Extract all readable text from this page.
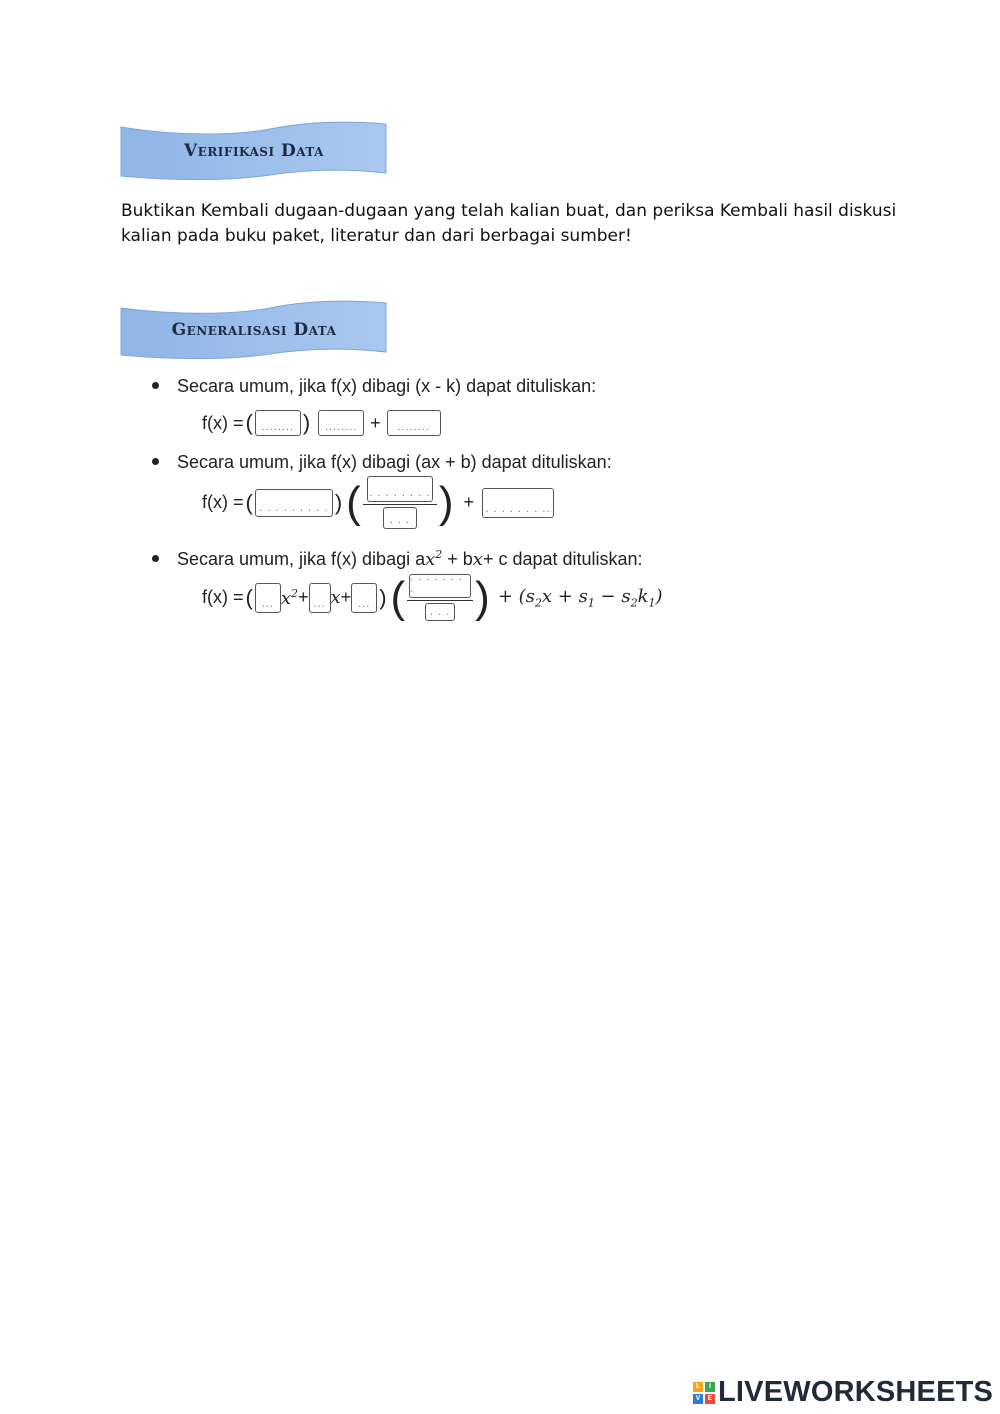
Verifikasi Data
Buktikan Kembali dugaan-dugaan yang telah kalian buat, dan periksa Kembali hasil diskusi kalian pada buku paket, literatur dan dari berbagai sumber!
Generalisasi Data
Secara umum, jika f(x) dibagi (x - k) dapat dituliskan:
f(x) = ( ........ )	........ +	........
Secara umum, jika f(x) dibagi (ax + b) dapat dituliskan:
f(x) = ( . . . . . . . . . ) ( $\frac{. . . . . . . .}{. . .}$ ) +	. . . . . . . ..
Secara umum, jika f(x) dibagi a $x^2 + b$ x + c dapat dituliskan:
f(x) = ( ... $x^2$ + ... x + ... ) ( $\frac{. . . . . . . .}{. . .}$ ) + $(s_2x + s_1 - s_2k_1)$
L	I
V	E LIVEWORKSHEETS
